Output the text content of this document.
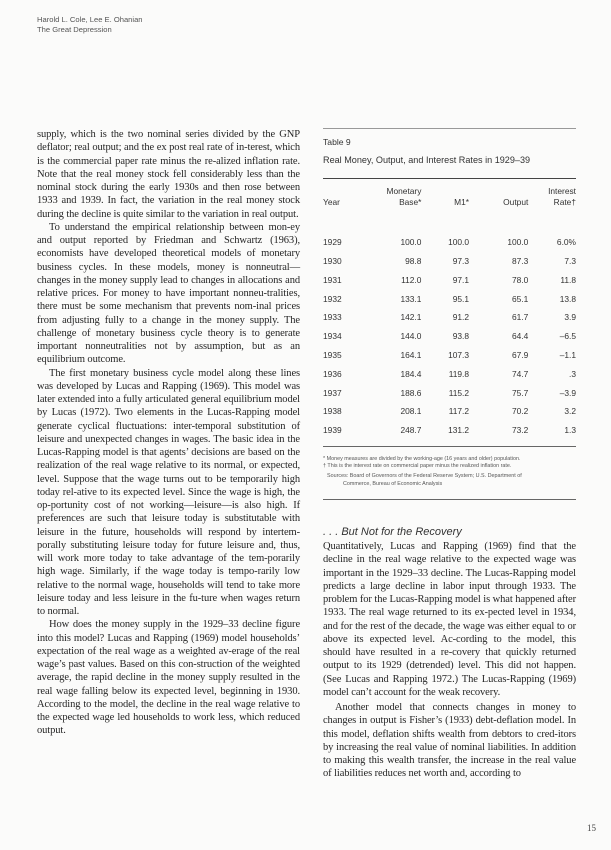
Harold L. Cole, Lee E. Ohanian
The Great Depression

supply, which is the two nominal series divided by the GNP deflator; real output; and the ex post real rate of in-terest, which is the commercial paper rate minus the re-alized inflation rate. Note that the real money stock fell considerably less than the nominal stock during the early 1930s and then rose between 1933 and 1939. In fact, the variation in the real money stock during the decline is quite similar to the variation in real output.

To understand the empirical relationship between mon-ey and output reported by Friedman and Schwartz (1963), economists have developed theoretical models of monetary business cycles. In these models, money is nonneutral— changes in the money supply lead to changes in allocations and relative prices. For money to have important nonneu-tralities, there must be some mechanism that prevents nom-inal prices from adjusting fully to a change in the money supply. The challenge of monetary business cycle theory is to generate important nonneutralities not by assumption, but as an equilibrium outcome.

The first monetary business cycle model along these lines was developed by Lucas and Rapping (1969). This model was later extended into a fully articulated general equilibrium model by Lucas (1972). Two elements in the Lucas-Rapping model generate cyclical fluctuations: inter-temporal substitution of leisure and unexpected changes in wages. The basic idea in the Lucas-Rapping model is that agents’ decisions are based on the realization of the real wage relative to its normal, or expected, level. Suppose that the wage turns out to be temporarily high today rel-ative to its expected level. Since the wage is high, the op-portunity cost of not working—leisure—is also high. If preferences are such that leisure today is substitutable with leisure in the future, households will respond by intertem-porally substituting leisure today for future leisure and, thus, will work more today to take advantage of the tem-porarily high wage. Similarly, if the wage today is tempo-rarily low relative to the normal wage, households will tend to take more leisure today and less leisure in the fu-ture when wages return to normal.

How does the money supply in the 1929–33 decline figure into this model? Lucas and Rapping (1969) model households’ expectation of the real wage as a weighted av-erage of the real wage’s past values. Based on this con-struction of the weighted average, the rapid decline in the money supply resulted in the real wage falling below its expected level, beginning in 1930. According to the model, the decline in the real wage relative to the expected wage led households to work less, which reduced output.

Table 9
Real Money, Output, and Interest Rates in 1929–39
Year	Monetary
Base*	M1*	Output	Interest
Rate†

1929	100.0	100.0	100.0	6.0%
1930	98.8	97.3	87.3	7.3
1931	112.0	97.1	78.0	11.8
1932	133.1	95.1	65.1	13.8
1933	142.1	91.2	61.7	3.9
1934	144.0	93.8	64.4	–6.5
1935	164.1	107.3	67.9	–1.1
1936	184.4	119.8	74.7	.3
1937	188.6	115.2	75.7	–3.9
1938	208.1	117.2	70.2	3.2
1939	248.7	131.2	73.2	1.3
* Money measures are divided by the working-age (16 years and older) population.
† This is the interest rate on commercial paper minus the realized inflation rate.
Sources: Board of Governors of the Federal Reserve System; U.S. Department of
Commerce, Bureau of Economic Analysis
. . . But Not for the Recovery

Quantitatively, Lucas and Rapping (1969) find that the decline in the real wage relative to the expected wage was important in the 1929–33 decline. The Lucas-Rapping model predicts a large decline in labor input through 1933. The problem for the Lucas-Rapping model is what happened after 1933. The real wage returned to its ex-pected level in 1934, and for the rest of the decade, the wage was either equal to or above its expected level. Ac-cording to the model, this should have resulted in a re-covery that quickly returned output to its 1929 (detrended) level. This did not happen. (See Lucas and Rapping 1972.) The Lucas-Rapping (1969) model can’t account for the weak recovery.

Another model that connects changes in money to changes in output is Fisher’s (1933) debt-deflation model. In this model, deflation shifts wealth from debtors to cred-itors by increasing the real value of nominal liabilities. In addition to making this wealth transfer, the increase in the real value of liabilities reduces net worth and, according to

15
